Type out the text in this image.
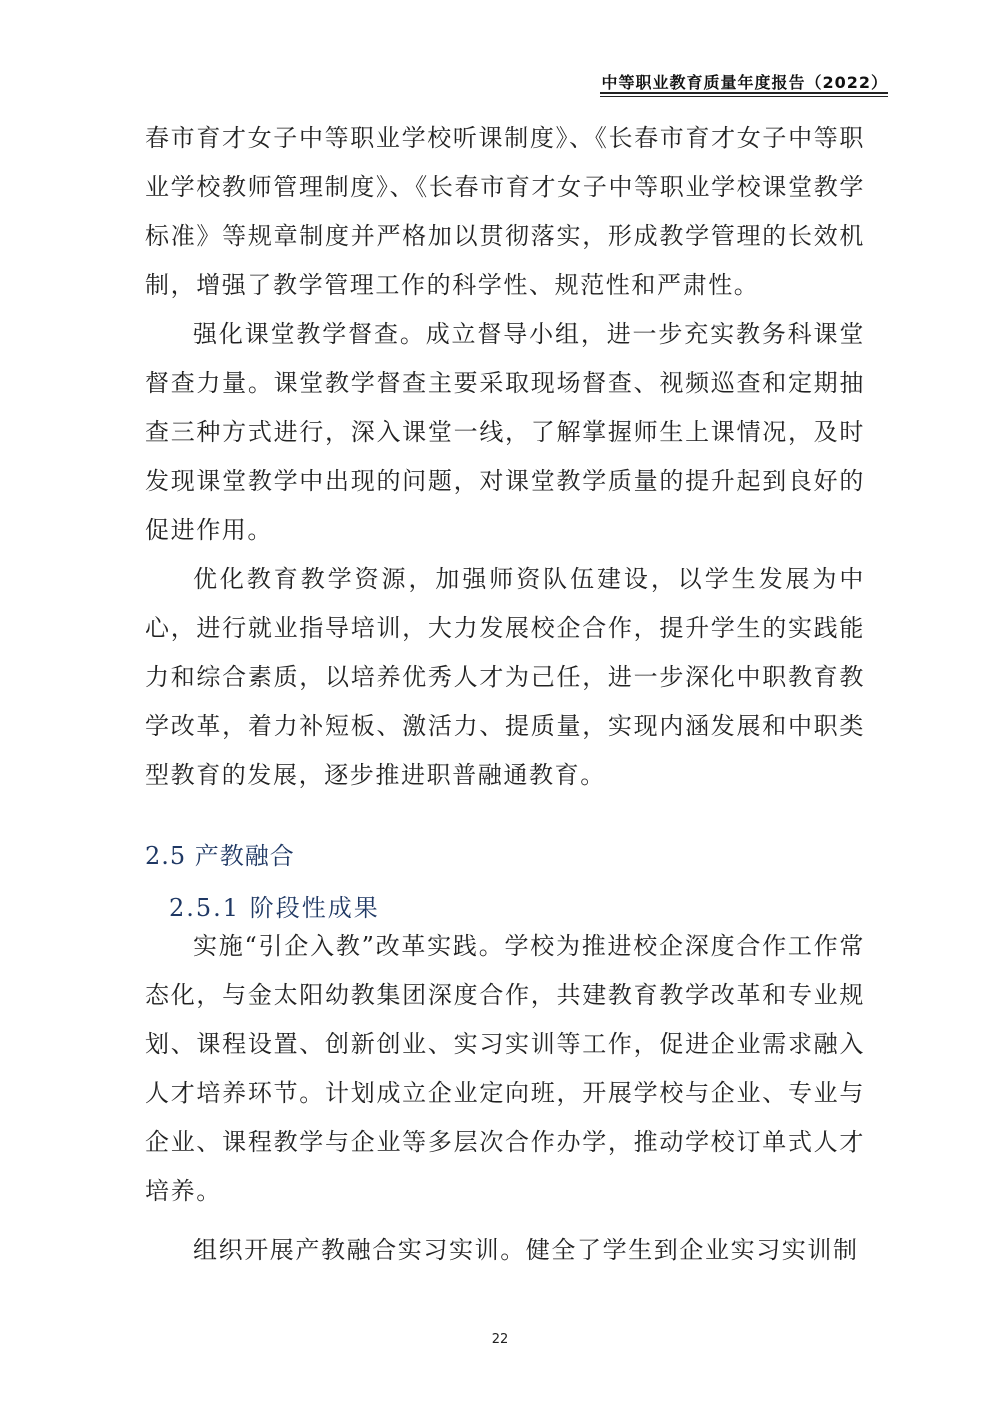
中等职业教育质量年度报告（2022）

春市育才女子中等职业学校听课制度》、《长春市育才女子中等职业学校教师管理制度》、《长春市育才女子中等职业学校课堂教学标准》等规章制度并严格加以贯彻落实，形成教学管理的长效机制，增强了教学管理工作的科学性、规范性和严肃性。

强化课堂教学督查。成立督导小组，进一步充实教务科课堂督查力量。课堂教学督查主要采取现场督查、视频巡查和定期抽查三种方式进行，深入课堂一线，了解掌握师生上课情况，及时发现课堂教学中出现的问题，对课堂教学质量的提升起到良好的促进作用。

优化教育教学资源，加强师资队伍建设，以学生发展为中心，进行就业指导培训，大力发展校企合作，提升学生的实践能力和综合素质，以培养优秀人才为己任，进一步深化中职教育教学改革，着力补短板、激活力、提质量，实现内涵发展和中职类型教育的发展，逐步推进职普融通教育。

2.5 产教融合
2.5.1 阶段性成果

实施“引企入教”改革实践。学校为推进校企深度合作工作常态化，与金太阳幼教集团深度合作，共建教育教学改革和专业规划、课程设置、创新创业、实习实训等工作，促进企业需求融入人才培养环节。计划成立企业定向班，开展学校与企业、专业与企业、课程教学与企业等多层次合作办学，推动学校订单式人才培养。

组织开展产教融合实习实训。健全了学生到企业实习实训制

22
